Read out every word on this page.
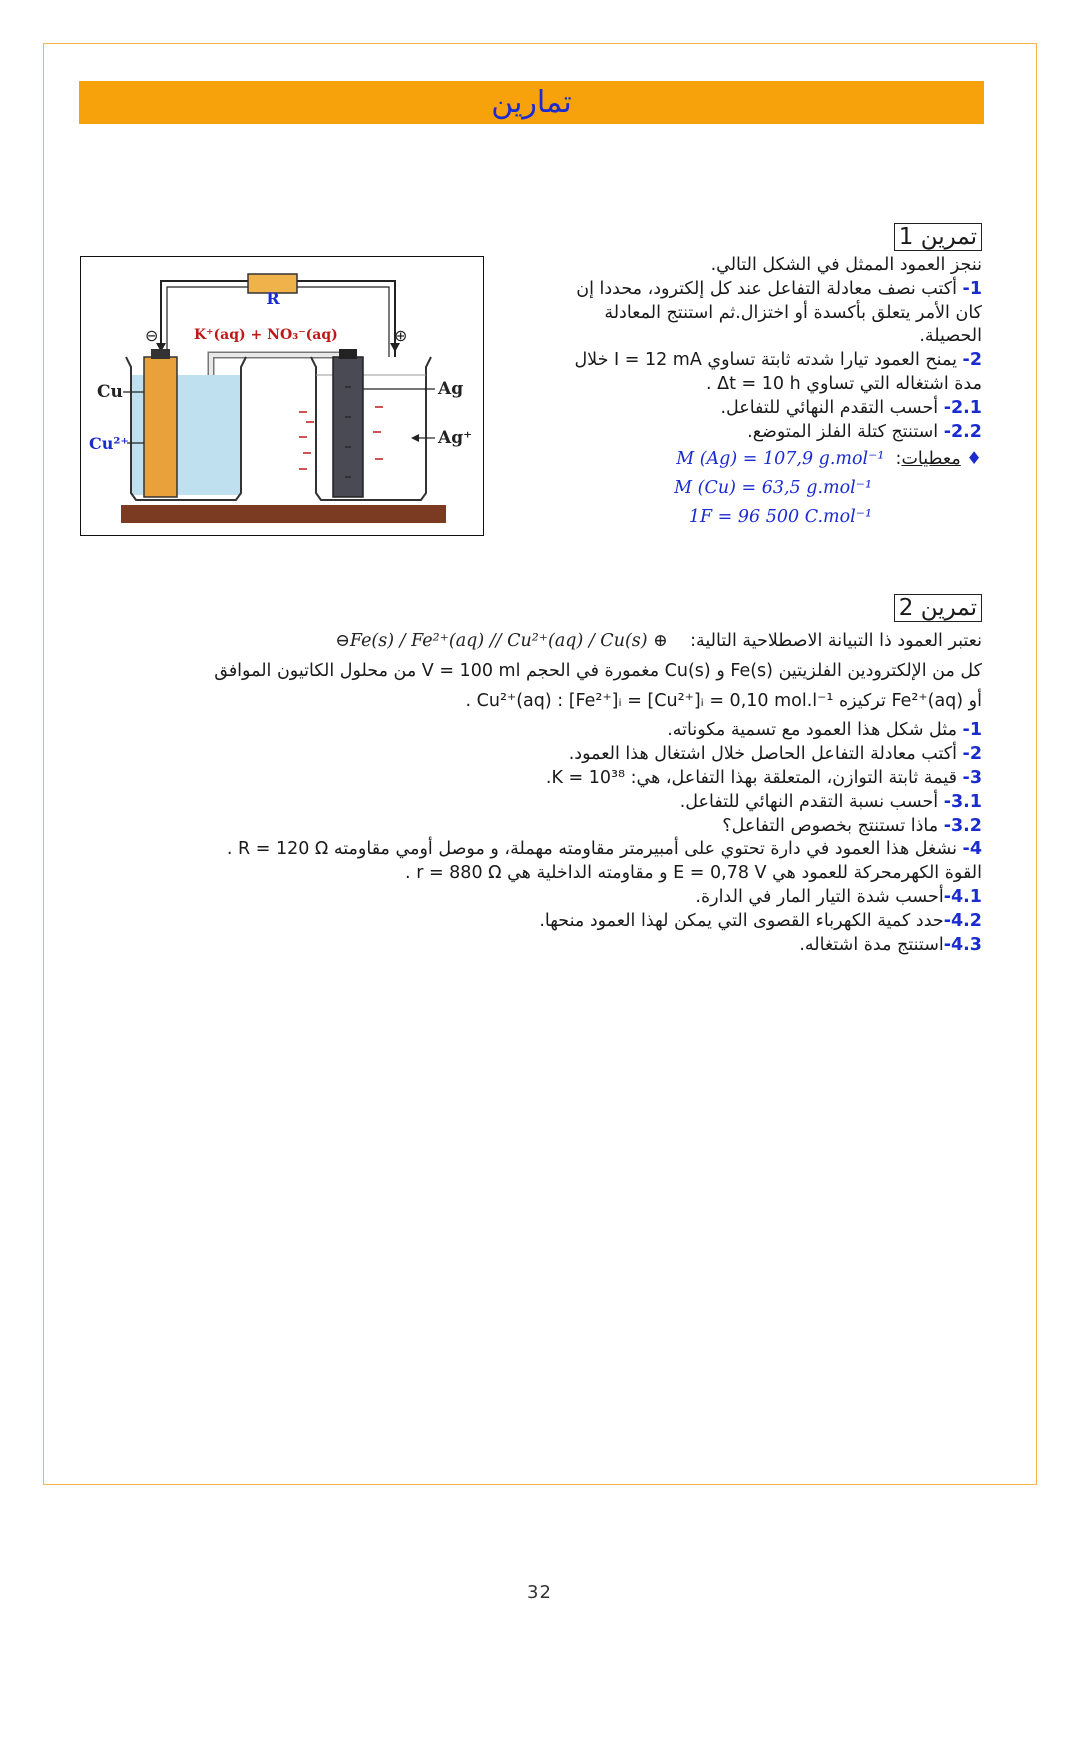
تمارين
تمرين 1

ننجز العمود الممثل في الشكل التالي.

1- أكتب نصف معادلة التفاعل عند كل إلكترود، محددا إن

كان الأمر يتعلق بأكسدة أو اختزال.ثم استنتج المعادلة

الحصيلة.

2- يمنح العمود تيارا شدته ثابتة تساوي I = 12 mA خلال

مدة اشتغاله التي تساوي Δt = 10 h .

2.1- أحسب التقدم النهائي للتفاعل.

2.2- استنتج كتلة الفلز المتوضع.

♦ معطيات:  M (Ag) = 107,9 g.mol⁻¹

M (Cu) = 63,5 g.mol⁻¹

1F = 96 500 C.mol⁻¹

R
⊖	⊕
K⁺(aq) + NO₃⁻(aq)
Cu
Cu²⁺
Ag
Ag⁺
تمرين 2

نعتبر العمود ذا التبيانة الاصطلاحية التالية:    ⊖Fe(s) / Fe²⁺(aq) // Cu²⁺(aq) / Cu(s) ⊕

كل من الإلكترودين الفلزيتين Fe(s) و Cu(s) مغمورة في الحجم V = 100 ml من محلول الكاتيون الموافق

أو Fe²⁺(aq) تركيزه Cu²⁺(aq) : [Fe²⁺]ᵢ = [Cu²⁺]ᵢ = 0,10 mol.l⁻¹ .

1- مثل شكل هذا العمود مع تسمية مكوناته.

2- أكتب معادلة التفاعل الحاصل خلال اشتغال هذا العمود.

3- قيمة ثابتة التوازن، المتعلقة بهذا التفاعل، هي: K = 10³⁸.

3.1- أحسب نسبة التقدم النهائي للتفاعل.

3.2- ماذا تستنتج بخصوص التفاعل؟

4- نشغل هذا العمود في دارة تحتوي على أمبيرمتر مقاومته مهملة، و موصل أومي مقاومته R = 120 Ω .

القوة الكهرمحركة للعمود هي E = 0,78 V و مقاومته الداخلية هي r = 880 Ω .

4.1-أحسب شدة التيار المار في الدارة.

4.2-حدد كمية الكهرباء القصوى التي يمكن لهذا العمود منحها.

4.3-استنتج مدة اشتغاله.

32
